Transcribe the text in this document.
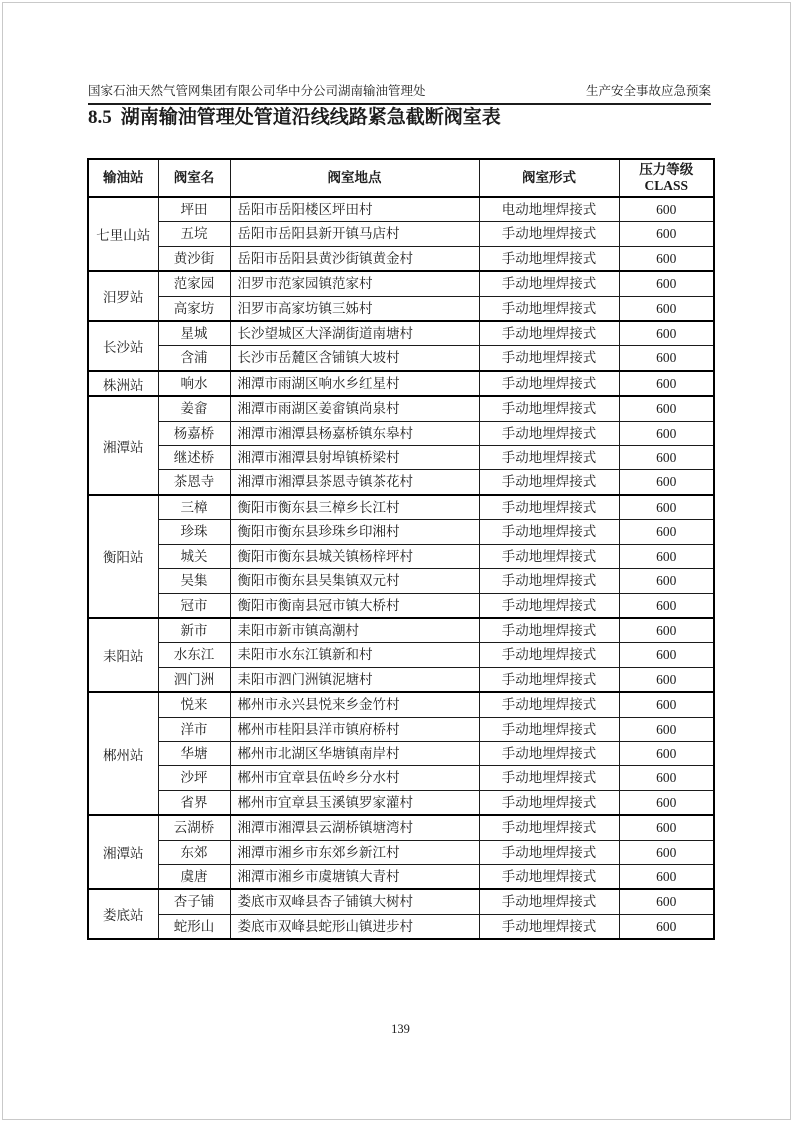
国家石油天然气管网集团有限公司华中分公司湖南输油管理处	生产安全事故应急预案
8.5 湖南输油管理处管道沿线线路紧急截断阀室表
输油站	阀室名	阀室地点	阀室形式	压力等级
CLASS

七里山站	坪田	岳阳市岳阳楼区坪田村	电动地埋焊接式	600
	五垸	岳阳市岳阳县新开镇马店村	手动地埋焊接式	600
	黄沙街	岳阳市岳阳县黄沙街镇黄金村	手动地埋焊接式	600
汨罗站	范家园	汨罗市范家园镇范家村	手动地埋焊接式	600
	高家坊	汨罗市高家坊镇三姊村	手动地埋焊接式	600
长沙站	星城	长沙望城区大泽湖街道南塘村	手动地埋焊接式	600
	含浦	长沙市岳麓区含铺镇大坡村	手动地埋焊接式	600
株洲站	响水	湘潭市雨湖区响水乡红星村	手动地埋焊接式	600
湘潭站	姜畲	湘潭市雨湖区姜畲镇尚泉村	手动地埋焊接式	600
	杨嘉桥	湘潭市湘潭县杨嘉桥镇东皋村	手动地埋焊接式	600
	继述桥	湘潭市湘潭县射埠镇桥梁村	手动地埋焊接式	600
	茶恩寺	湘潭市湘潭县茶恩寺镇茶花村	手动地埋焊接式	600
衡阳站	三樟	衡阳市衡东县三樟乡长江村	手动地埋焊接式	600
	珍珠	衡阳市衡东县珍珠乡印湘村	手动地埋焊接式	600
	城关	衡阳市衡东县城关镇杨梓坪村	手动地埋焊接式	600
	吴集	衡阳市衡东县吴集镇双元村	手动地埋焊接式	600
	冠市	衡阳市衡南县冠市镇大桥村	手动地埋焊接式	600
耒阳站	新市	耒阳市新市镇高潮村	手动地埋焊接式	600
	水东江	耒阳市水东江镇新和村	手动地埋焊接式	600
	泗门洲	耒阳市泗门洲镇泥塘村	手动地埋焊接式	600
郴州站	悦来	郴州市永兴县悦来乡金竹村	手动地埋焊接式	600
	洋市	郴州市桂阳县洋市镇府桥村	手动地埋焊接式	600
	华塘	郴州市北湖区华塘镇南岸村	手动地埋焊接式	600
	沙坪	郴州市宜章县伍岭乡分水村	手动地埋焊接式	600
	省界	郴州市宜章县玉溪镇罗家灌村	手动地埋焊接式	600
湘潭站	云湖桥	湘潭市湘潭县云湖桥镇塘湾村	手动地埋焊接式	600
	东郊	湘潭市湘乡市东郊乡新江村	手动地埋焊接式	600
	虞唐	湘潭市湘乡市虞塘镇大青村	手动地埋焊接式	600
娄底站	杏子铺	娄底市双峰县杏子铺镇大树村	手动地埋焊接式	600
	蛇形山	娄底市双峰县蛇形山镇进步村	手动地埋焊接式	600
139
